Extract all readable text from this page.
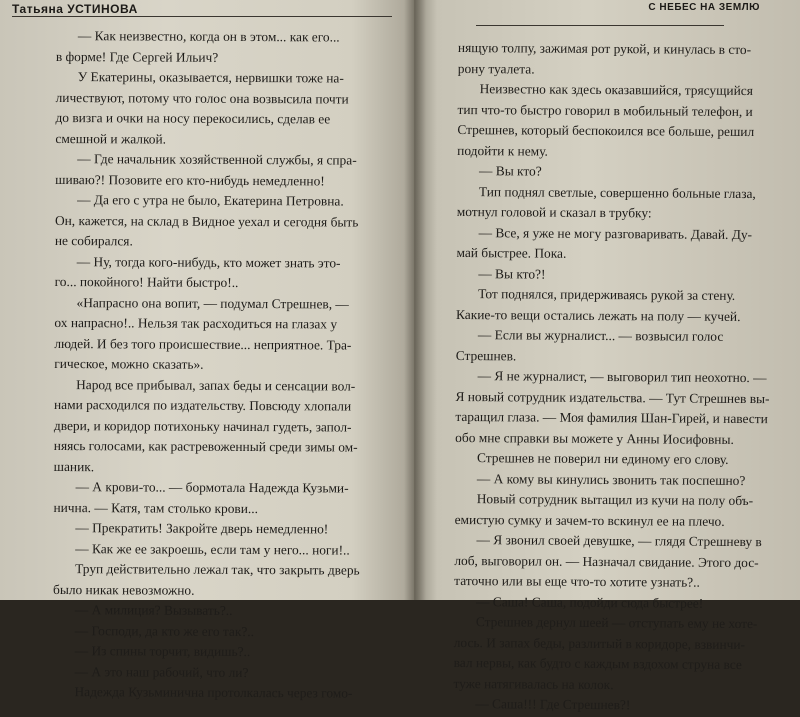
Татьяна УСТИНОВА
— Как неизвестно, когда он в этом... как его...
в форме! Где Сергей Ильич?
У Екатерины, оказывается, нервишки тоже на-
личествуют, потому что голос она возвысила почти
до визга и очки на носу перекосились, сделав ее
смешной и жалкой.
— Где начальник хозяйственной службы, я спра-
шиваю?! Позовите его кто-нибудь немедленно!
— Да его с утра не было, Екатерина Петровна.
Он, кажется, на склад в Видное уехал и сегодня быть
не собирался.
— Ну, тогда кого-нибудь, кто может знать это-
го... покойного! Найти быстро!..
«Напрасно она вопит, — подумал Стрешнев, —
ох напрасно!.. Нельзя так расходиться на глазах у
людей. И без того происшествие... неприятное. Тра-
гическое, можно сказать».
Народ все прибывал, запах беды и сенсации вол-
нами расходился по издательству. Повсюду хлопали
двери, и коридор потихоньку начинал гудеть, запол-
няясь голосами, как растревоженный среди зимы ом-
шаник.
— А крови-то... — бормотала Надежда Кузьми-
нична. — Катя, там столько крови...
— Прекратить! Закройте дверь немедленно!
— Как же ее закроешь, если там у него... ноги!..
Труп действительно лежал так, что закрыть дверь
было никак невозможно.
— А милиция? Вызывать?..
— Господи, да кто же его так?..
— Из спины торчит, видишь?..
— А это наш рабочий, что ли?
Надежда Кузьминична протолкалась через гомо-
С НЕБЕС НА ЗЕМЛЮ
нящую толпу, зажимая рот рукой, и кинулась в сто-
рону туалета.
Неизвестно как здесь оказавшийся, трясущийся
тип что-то быстро говорил в мобильный телефон, и
Стрешнев, который беспокоился все больше, решил
подойти к нему.
— Вы кто?
Тип поднял светлые, совершенно больные глаза,
мотнул головой и сказал в трубку:
— Все, я уже не могу разговаривать. Давай. Ду-
май быстрее. Пока.
— Вы кто?!
Тот поднялся, придерживаясь рукой за стену.
Какие-то вещи остались лежать на полу — кучей.
— Если вы журналист... — возвысил голос
Стрешнев.
— Я не журналист, — выговорил тип неохотно. —
Я новый сотрудник издательства. — Тут Стрешнев вы-
таращил глаза. — Моя фамилия Шан-Гирей, и навести
обо мне справки вы можете у Анны Иосифовны.
Стрешнев не поверил ни единому его слову.
— А кому вы кинулись звонить так поспешно?
Новый сотрудник вытащил из кучи на полу объ-
емистую сумку и зачем-то вскинул ее на плечо.
— Я звонил своей девушке, — глядя Стрешневу в
лоб, выговорил он. — Назначал свидание. Этого дос-
таточно или вы еще что-то хотите узнать?..
— Саша! Саша, подойди сюда быстрее!
Стрешнев дернул шеей — отступать ему не хоте-
лось. И запах беды, разлитый в коридоре, взвинчи-
вал нервы, как будто с каждым вздохом струна все
туже натягивалась на колок.
— Саша!!! Где Стрешнев?!
